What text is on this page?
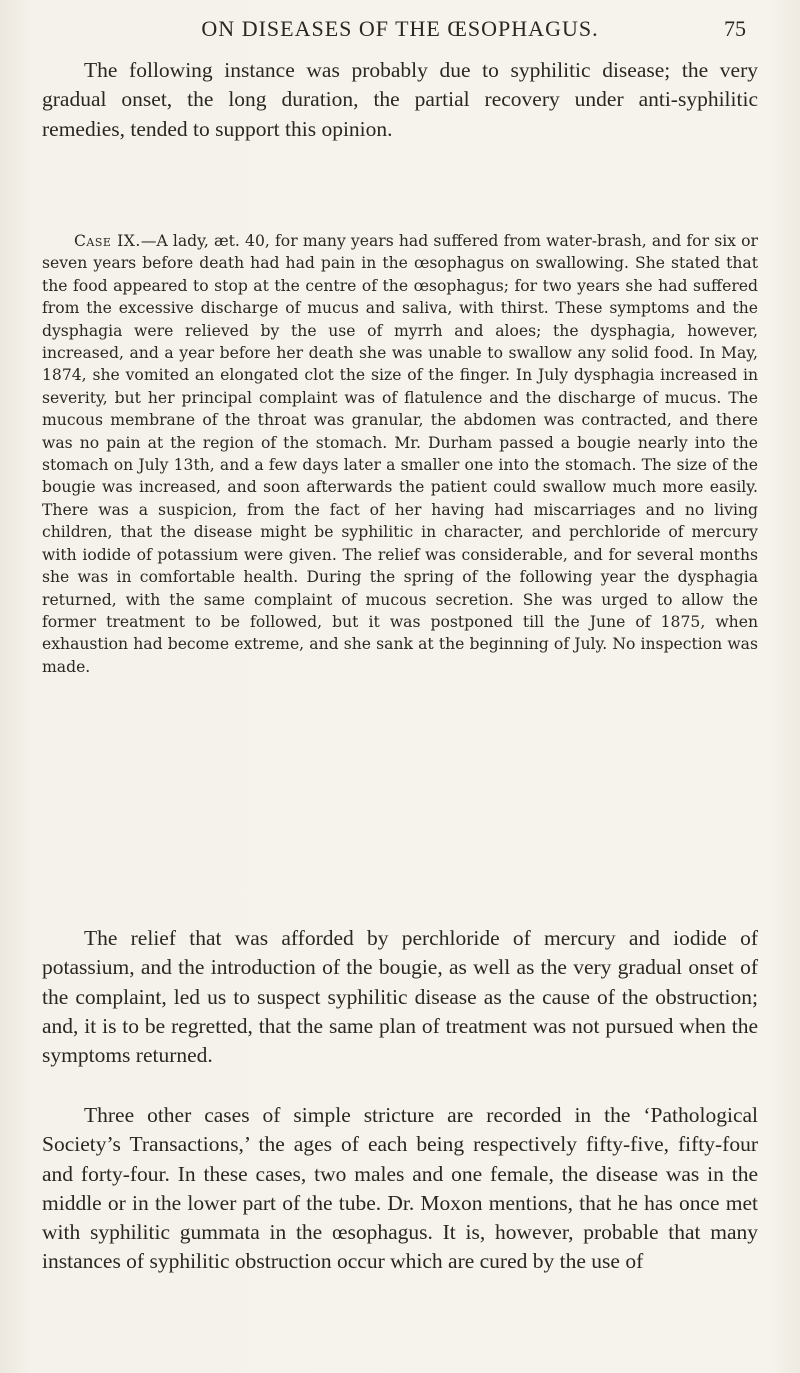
ON DISEASES OF THE ŒSOPHAGUS.	75

The following instance was probably due to syphilitic disease; the very gradual onset, the long duration, the partial recovery under anti-syphilitic remedies, tended to support this opinion.

Case IX.—A lady, æt. 40, for many years had suffered from water-brash, and for six or seven years before death had had pain in the œsophagus on swallowing. She stated that the food appeared to stop at the centre of the œsophagus; for two years she had suffered from the excessive discharge of mucus and saliva, with thirst. These symptoms and the dysphagia were relieved by the use of myrrh and aloes; the dysphagia, however, increased, and a year before her death she was unable to swallow any solid food. In May, 1874, she vomited an elongated clot the size of the finger. In July dysphagia increased in severity, but her principal complaint was of flatulence and the discharge of mucus. The mucous membrane of the throat was granular, the abdomen was contracted, and there was no pain at the region of the stomach. Mr. Durham passed a bougie nearly into the stomach on July 13th, and a few days later a smaller one into the stomach. The size of the bougie was increased, and soon afterwards the patient could swallow much more easily. There was a suspicion, from the fact of her having had miscarriages and no living children, that the disease might be syphilitic in character, and perchloride of mercury with iodide of potassium were given. The relief was considerable, and for several months she was in comfortable health. During the spring of the following year the dysphagia returned, with the same complaint of mucous secretion. She was urged to allow the former treatment to be followed, but it was postponed till the June of 1875, when exhaustion had become extreme, and she sank at the beginning of July. No inspection was made.

The relief that was afforded by perchloride of mercury and iodide of potassium, and the introduction of the bougie, as well as the very gradual onset of the complaint, led us to suspect syphilitic disease as the cause of the obstruction; and, it is to be regretted, that the same plan of treatment was not pursued when the symptoms returned.

Three other cases of simple stricture are recorded in the ‘Pathological Society’s Transactions,’ the ages of each being respectively fifty-five, fifty-four and forty-four. In these cases, two males and one female, the disease was in the middle or in the lower part of the tube. Dr. Moxon mentions, that he has once met with syphilitic gummata in the œsophagus. It is, however, probable that many instances of syphilitic obstruction occur which are cured by the use of
